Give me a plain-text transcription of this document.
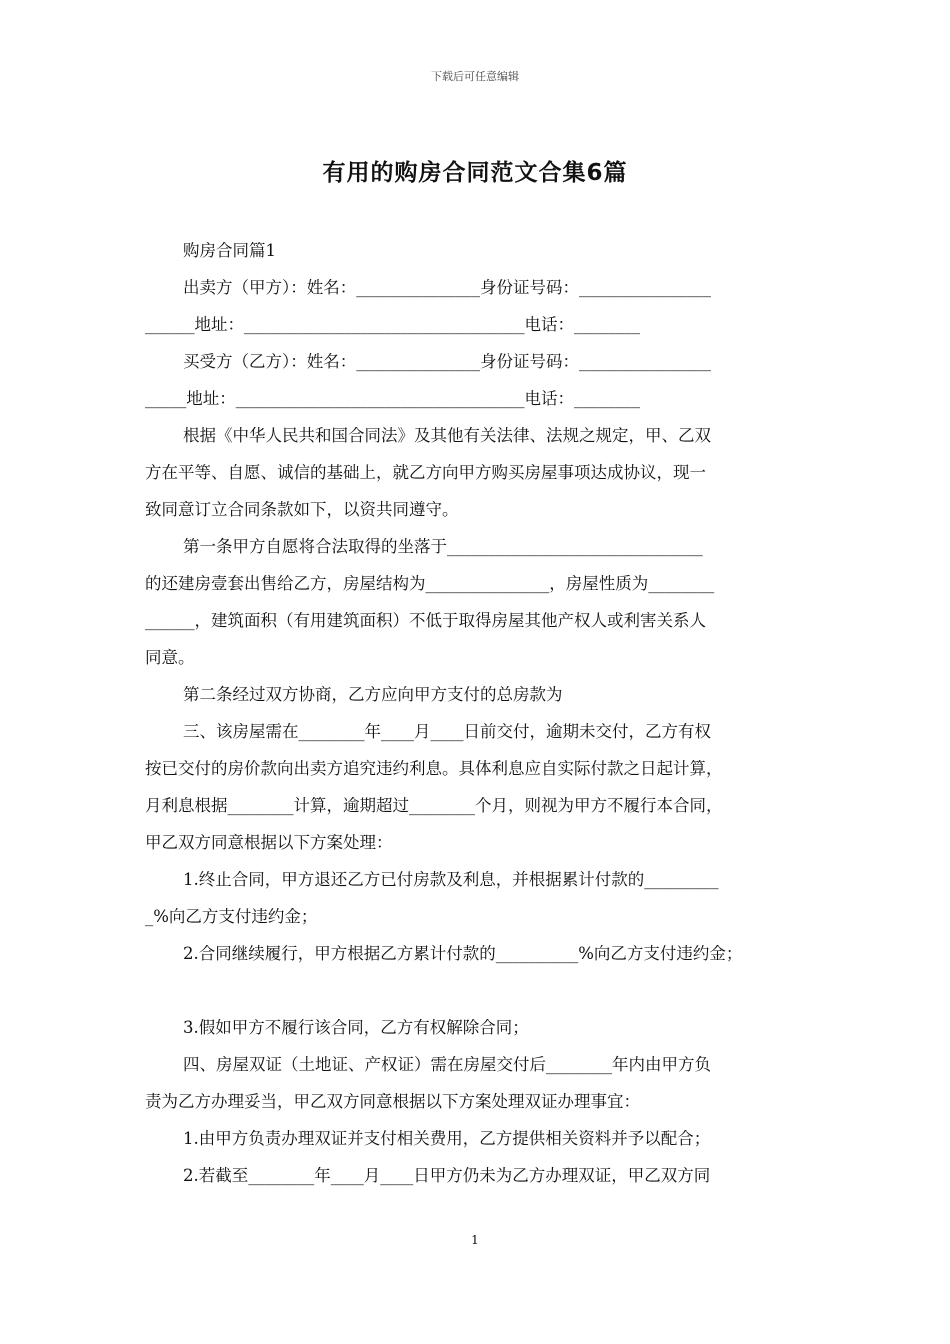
下载后可任意编辑
有用的购房合同范文合集6篇
购房合同篇1
出卖方（甲方）：姓名：_______________身份证号码：________________
______地址：__________________________________电话：________
买受方（乙方）：姓名：_______________身份证号码：________________
_____地址：___________________________________电话：________
根据《中华人民共和国合同法》及其他有关法律、法规之规定，甲、乙双
方在平等、自愿、诚信的基础上，就乙方向甲方购买房屋事项达成协议，现一
致同意订立合同条款如下，以资共同遵守。
第一条甲方自愿将合法取得的坐落于_______________________________
的还建房壹套出售给乙方，房屋结构为_______________，房屋性质为________
______，建筑面积（有用建筑面积）不低于取得房屋其他产权人或利害关系人
同意。
第二条经过双方协商，乙方应向甲方支付的总房款为
三、该房屋需在________年____月____日前交付，逾期未交付，乙方有权
按已交付的房价款向出卖方追究违约利息。具体利息应自实际付款之日起计算，
月利息根据________计算，逾期超过________个月，则视为甲方不履行本合同，
甲乙双方同意根据以下方案处理：
1.终止合同，甲方退还乙方已付房款及利息，并根据累计付款的_________
_%向乙方支付违约金；
2.合同继续履行，甲方根据乙方累计付款的__________%向乙方支付违约金；
3.假如甲方不履行该合同，乙方有权解除合同；
四、房屋双证（土地证、产权证）需在房屋交付后________年内由甲方负
责为乙方办理妥当，甲乙双方同意根据以下方案处理双证办理事宜：
1.由甲方负责办理双证并支付相关费用，乙方提供相关资料并予以配合；
2.若截至________年____月____日甲方仍未为乙方办理双证，甲乙双方同
1
